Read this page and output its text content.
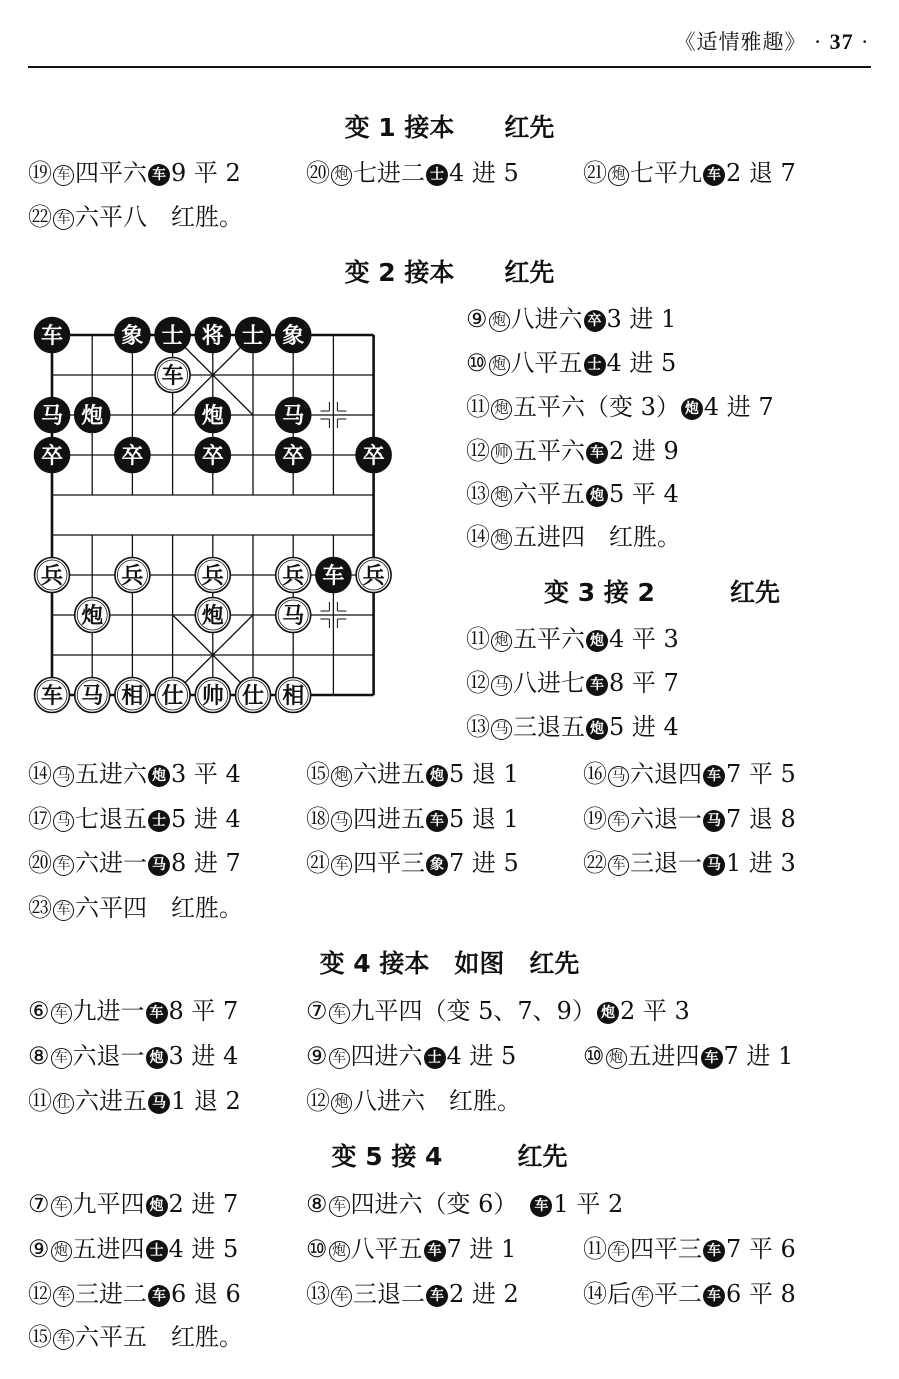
《适情雅趣》 · 37 ·
变 1 接本　　红先
⑲ 车 四平六 车 9 平 2	⑳ 炮 七进二 士 4 进 5	㉑ 炮 七平九 车 2 退 7
㉒ 车 六平八　红胜。
变 2 接本　　红先
⑨ 炮 八进六 卒 3 进 1
⑩ 炮 八平五 士 4 进 5
⑪ 炮 五平六（变 3） 炮 4 进 7
⑫ 帅 五平六 车 2 进 9
⑬ 炮 六平五 炮 5 平 4
⑭ 炮 五进四　红胜。
变 3 接 2　　　红先
⑪ 炮 五平六 炮 4 平 3
⑫ 马 八进七 车 8 平 7
⑬ 马 三退五 炮 5 进 4
⑭ 马 五进六 炮 3 平 4	⑮ 炮 六进五 炮 5 退 1	⑯ 马 六退四 车 7 平 5
⑰ 马 七退五 士 5 进 4	⑱ 马 四进五 车 5 退 1	⑲ 车 六退一 马 7 退 8
⑳ 车 六进一 马 8 进 7	㉑ 车 四平三 象 7 进 5	㉒ 车 三退一 马 1 进 3
㉓ 车 六平四　红胜。
变 4 接本　如图　红先
⑥ 车 九进一 车 8 平 7	⑦ 车 九平四（变 5、7、9） 炮 2 平 3
⑧ 车 六退一 炮 3 进 4	⑨ 车 四进六 士 4 进 5	⑩ 炮 五进四 车 7 进 1
⑪ 仕 六进五 马 1 退 2	⑫ 炮 八进六　红胜。
变 5 接 4　　　红先
⑦ 车 九平四 炮 2 进 7	⑧ 车 四进六（变 6）　车 1 平 2
⑨ 炮 五进四 士 4 进 5	⑩ 炮 八平五 车 7 进 1	⑪ 车 四平三 车 7 平 6
⑫ 车 三进二 车 6 退 6	⑬ 车 三退二 车 2 进 2	⑭后 车 平二 车 6 平 8
⑮ 车 六平五　红胜。
车	象 士 将 士 象
车
马 炮	炮	马
卒	卒	卒	卒	卒
兵	兵	兵	兵 车 兵
炮	炮	马
车 马 相 仕 帅 仕 相
